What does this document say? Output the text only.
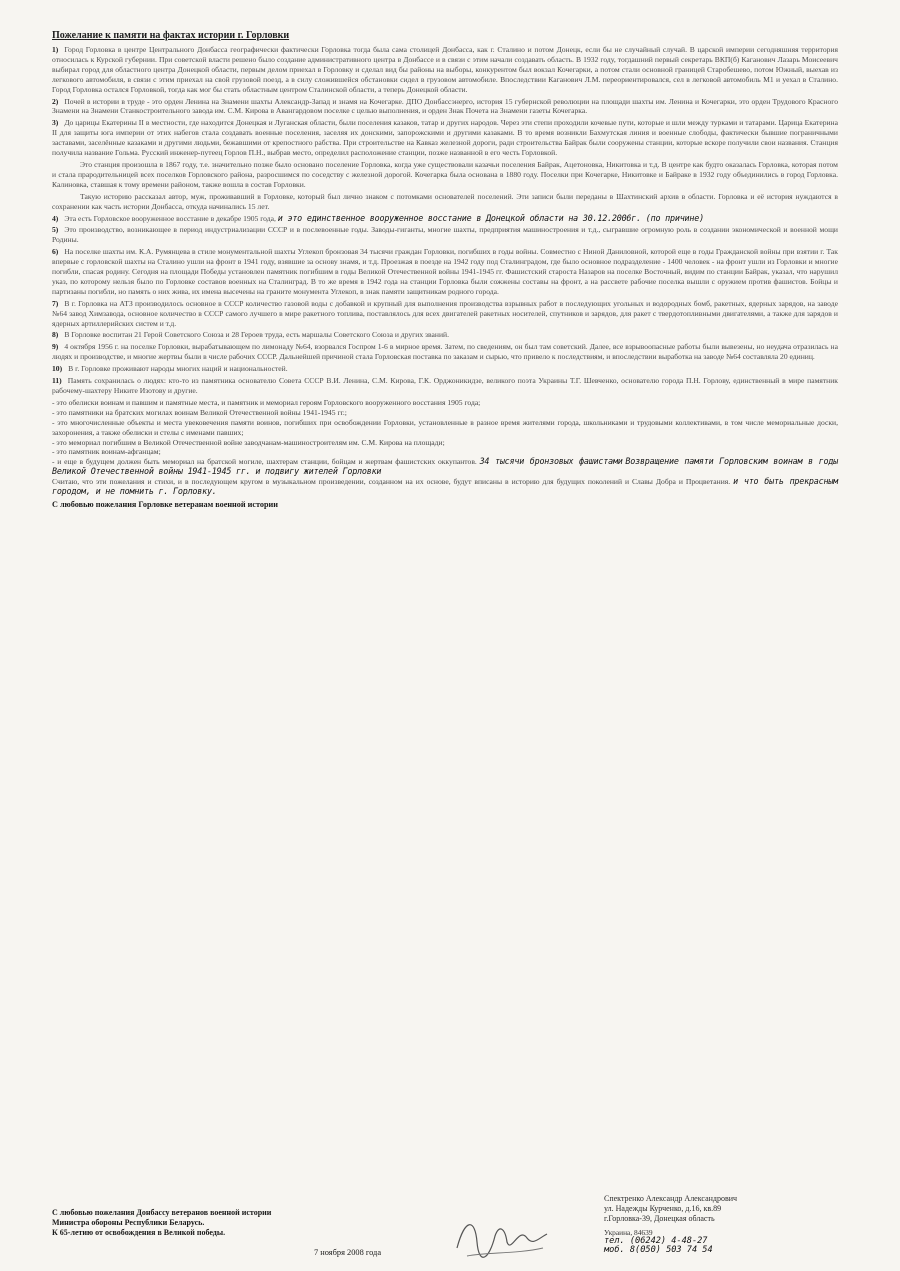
Пожелание к памяти на фактах истории г. Горловки

1) Город Горловка в центре Центрального Донбасса географически фактически Горловка тогда была сама столицей Донбасса, как г. Сталино и потом Донецк, если бы не случайный случай. В царской империи сегодняшняя территория относилась к Курской губернии. При советской власти решено было создание административного центра в Донбассе и в связи с этим начали создавать область. В 1932 году, тогдашний первый секретарь ВКП(б) Каганович Лазарь Моисеевич выбирал город для областного центра Донецкой области, первым делом приехал в Горловку и сделал вид бы районы на выборы, конкурентом был вокзал Кочегарки, а потом стали основной границей Старобешево, потом Южный, выехав из легкового автомобиля, в связи с этим приехал на свой грузовой поезд, а в силу сложившейся обстановки сидел в грузовом автомобиле. Впоследствии Каганович Л.М. переориентировался, сел в легковой автомобиль М1 и уехал в Сталино. Город Горловка остался Горловкой, тогда как мог бы стать областным центром Сталинской области, а теперь Донецкой области.

2) Почей в истории в труде - это орден Ленина на Знамени шахты Александр-Запад и знамя на Кочегарке. ДПО Донбассэнерго, история 15 губернской революции на площади шахты им. Ленина и Кочегарки, это орден Трудового Красного Знамени на Знамени Станкостроительного завода им. С.М. Кирова в Авангардовом поселке с целью выполнения, и орден Знак Почета на Знамени газеты Кочегарка.

3) До царицы Екатерины II в местности, где находится Донецкая и Луганская области, были поселения казаков, татар и других народов. Через эти степи проходили кочевые пути, которые и шли между турками и татарами. Царица Екатерина II для защиты юга империи от этих набегов стала создавать военные поселения, заселяя их донскими, запорожскими и другими казаками. В то время возникли Бахмутская линия и военные слободы, фактически бывшие пограничными заставами, заселённые казаками и другими людьми, бежавшими от крепостного рабства. При строительстве на Кавказ железной дороги, ради строительства Байрак были сооружены станции, которые вскоре получили свои названия. Станция получила название Гольма. Русский инженер-путеец Горлов П.Н., выбрав место, определил расположение станции, позже названной в его честь Горловкой.

Это станция произошла в 1867 году, т.е. значительно позже было основано поселение Горловка, когда уже существовали казачьи поселения Байрак, Ацетоновка, Никитовка и т.д. В центре как будто оказалась Горловка, которая потом и стала прародительницей всех поселков Горловского района, разросшимся по соседству с железной дорогой. Кочегарка была основана в 1880 году. Поселки при Кочегарке, Никитовке и Байраке в 1932 году объединились в город Горловка. Калиновка, ставшая к тому времени районом, также вошла в состав Горловки.

Такую историю рассказал автор, муж, проживавший в Горловке, который был лично знаком с потомками основателей поселений. Эти записи были переданы в Шахтинский архив в области. Горловка и её история нуждаются в сохранении как часть истории Донбасса, откуда начинались 15 лет.

4) Эта есть Горловское вооруженное восстание в декабре 1905 года, и это единственное вооруженное восстание в Донецкой области на 30.12.2006г. (по причине)

5) Это производство, возникающее в период индустриализации СССР и в послевоенные годы. Заводы-гиганты, многие шахты, предприятия машиностроения и т.д., сыгравшие огромную роль в создании экономической и военной мощи Родины.

6) На поселке шахты им. К.А. Румянцева в стиле монументальной шахты Углекоп бронзовая 34 тысячи граждан Горловки, погибших в годы войны. Совместно с Ниной Даниловной, которой еще в годы Гражданской войны при взятии г. Так впервые с горловской шахты на Сталино ушли на фронт в 1941 году, взявшие за основу знамя, и т.д. Проезжая в поезде на 1942 году под Сталинградом, где было основное подразделение - 1400 человек - на фронт ушли из Горловки и многие погибли, спасая родину. Сегодня на площади Победы установлен памятник погибшим в годы Великой Отечественной войны 1941-1945 гг. Фашистский староста Назаров на поселке Восточный, видим по станции Байрак, указал, что нарушил указ, по которому нельзя было по Горловке составов военных на Сталинград. В то же время в 1942 года на станции Горловка были сожжены составы на фронт, а на рассвете рабочие поселка вышли с оружием против фашистов. Бойцы и партизаны погибли, но память о них жива, их имена высечены на граните монумента Углекоп, в знак памяти защитникам родного города.

7) В г. Горловка на АТЗ производилось основное в СССР количество газовой воды с добавкой и крупный для выполнения производства взрывных работ в последующих угольных и водородных бомб, ракетных, ядерных зарядов, на заводе №64 завод Химзавода, основное количество в СССР самого лучшего в мире ракетного топлива, поставлялось для всех двигателей ракетных носителей, спутников и зарядов, для ракет с твердотопливными двигателями, а также для зарядов и ядерных артиллерийских систем и т.д.

8) В Горловке воспитан 21 Герой Советского Союза и 28 Героев труда, есть маршалы Советского Союза и других званий.

9) 4 октября 1956 г. на поселке Горловки, вырабатывающем по лимонаду №64, взорвался Госпром 1-6 в мирное время. Затем, по сведениям, он был там советский. Далее, все взрывоопасные работы были вывезены, но неудача отразилась на людях и производстве, и многие жертвы были в числе рабочих СССР. Дальнейшей причиной стала Горловская поставка по заказам и сырью, что привело к последствиям, и впоследствии выработка на заводе №64 составляла 20 единиц.

10) В г. Горловке проживают народы многих наций и национальностей.

11) Память сохранилась о людях: кто-то из памятника основателю Совета СССР В.И. Ленина, С.М. Кирова, Г.К. Орджоникидзе, великого поэта Украины Т.Г. Шевченко, основателю города П.Н. Горлову, единственный в мире памятник рабочему-шахтеру Никите Изотову и другие.

- это обелиски воинам и павшим и памятные места, и памятник и мемориал героям Горловского вооруженного восстания 1905 года;

- это памятники на братских могилах воинам Великой Отечественной войны 1941-1945 гг.;

- это многочисленные объекты и места увековечения памяти воинов, погибших при освобождении Горловки, установленные в разное время жителями города, школьниками и трудовыми коллективами, в том числе мемориальные доски, захоронения, а также обелиски и стелы с именами павших;

- это мемориал погибшим в Великой Отечественной войне заводчанам-машиностроителям им. С.М. Кирова на площади;

- это памятник воинам-афганцам;

- и еще в будущем должен быть мемориал на братской могиле, шахтерам станции, бойцам и жертвам фашистских оккупантов. 34 тысячи бронзовых фашистами Возвращение памяти Горловским воинам в годы Великой Отечественной войны 1941-1945 гг. и подвигу жителей Горловки

Считаю, что эти пожелания и стихи, и в последующем кругом в музыкальном произведении, созданном на их основе, будут вписаны в историю для будущих поколений и Славы Добра и Процветания. и что быть прекрасным городом, и не помнить г. Горловку.

С любовью пожелания Горловке ветеранам военной истории

С любовью пожелания Донбассу ветеранов военной истории

Министра обороны Республики Беларусь.

К 65-летию от освобождения в Великой победы.

7 ноября 2008 года

Спектренко Александр Александрович

ул. Надежды Курченко, д.16, кв.89

г.Горловка-39, Донецкая область

Украина, 84639
тел. (06242) 4-48-27
моб. 8(050) 503 74 54
